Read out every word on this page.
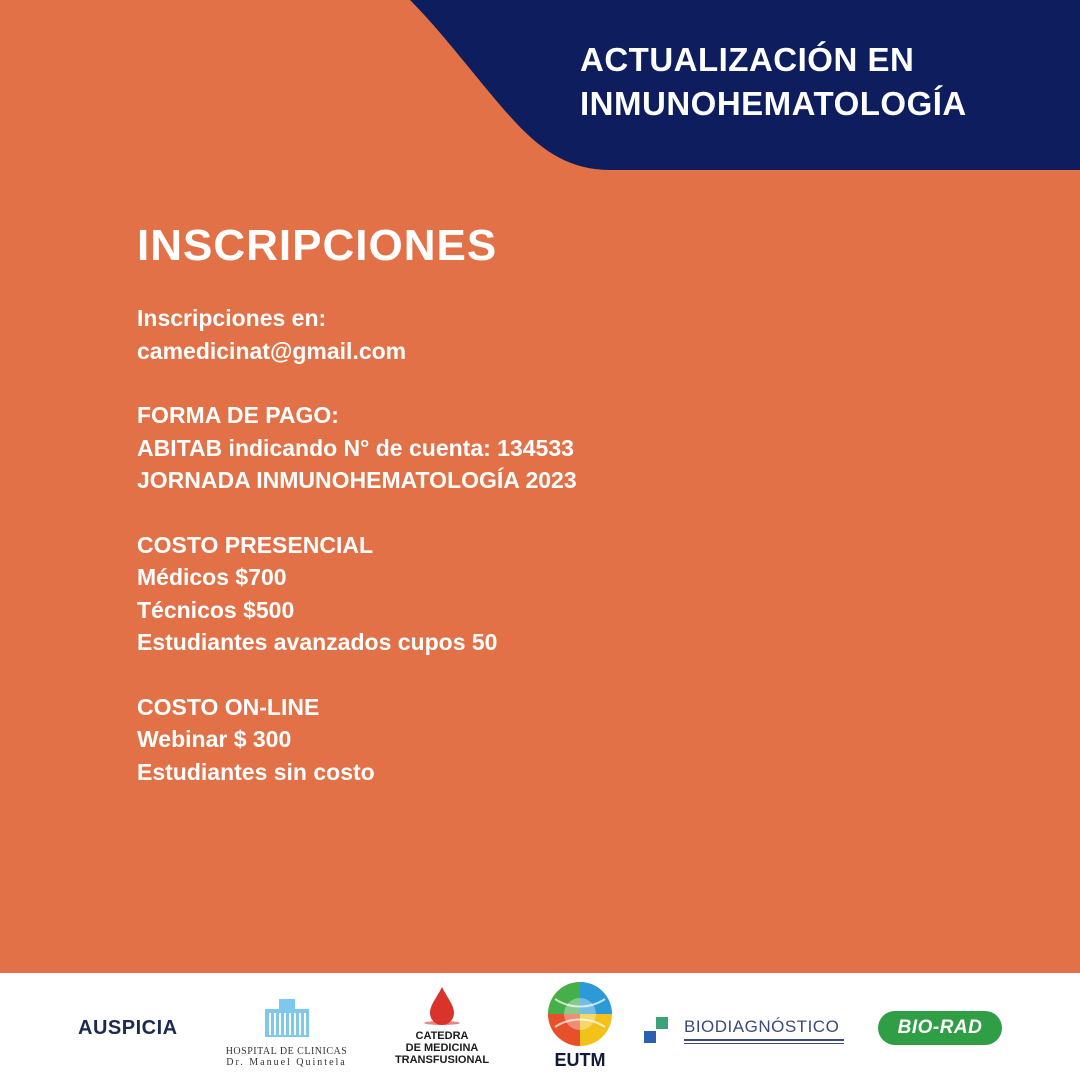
ACTUALIZACIÓN EN
INMUNOHEMATOLOGÍA
INSCRIPCIONES
Inscripciones en:
camedicinat@gmail.com
FORMA DE PAGO:
ABITAB indicando N° de cuenta: 134533
JORNADA INMUNOHEMATOLOGÍA 2023
COSTO PRESENCIAL
Médicos $700
Técnicos $500
Estudiantes avanzados cupos 50
COSTO ON-LINE
Webinar $ 300
Estudiantes sin costo
AUSPICIA
HOSPITAL DE CLINICAS
Dr. Manuel Quintela
CATEDRA
DE MEDICINA
TRANSFUSIONAL	EUTM
BIODIAGNÓSTICO	BIO-RAD
